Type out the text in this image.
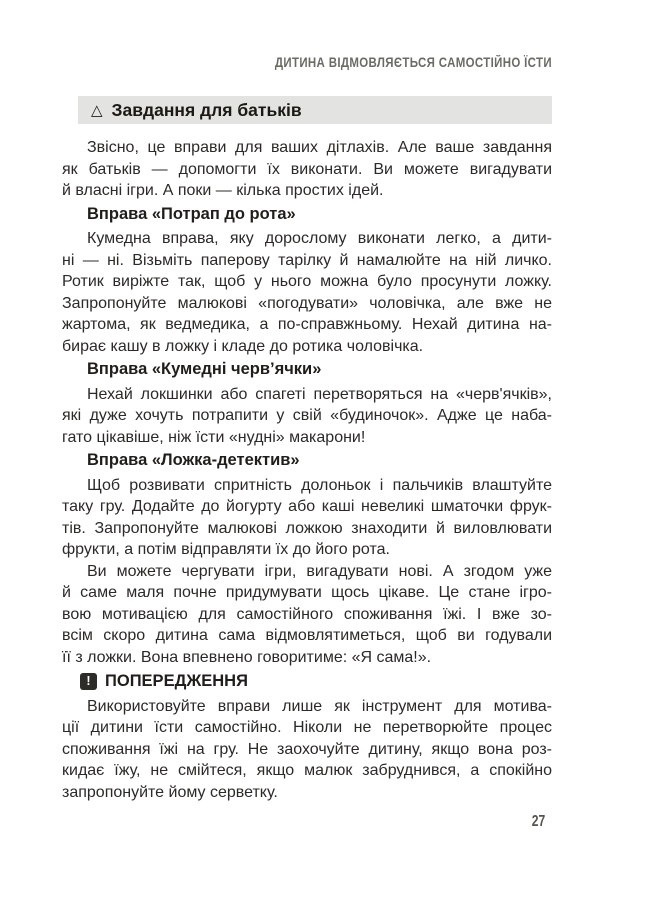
ДИТИНА ВІДМОВЛЯЄТЬСЯ САМОСТІЙНО ЇСТИ
△ Завдання для батьків
Звісно, це вправи для ваших дітлахів. Але ваше завдання
як батьків — допомогти їх виконати. Ви можете вигадувати
й власні ігри. А поки — кілька простих ідей.
Вправа «Потрап до рота»
Кумедна вправа, яку дорослому виконати легко, а дити-
ні — ні. Візьміть паперову тарілку й намалюйте на ній личко.
Ротик виріжте так, щоб у нього можна було просунути ложку.
Запропонуйте малюкові «погодувати» чоловічка, але вже не
жартома, як ведмедика, а по-справжньому. Нехай дитина на-
бирає кашу в ложку і кладе до ротика чоловічка.
Вправа «Кумедні черв’ячки»
Нехай локшинки або спагеті перетворяться на «черв'ячків»,
які дуже хочуть потрапити у свій «будиночок». Адже це наба-
гато цікавіше, ніж їсти «нудні» макарони!
Вправа «Ложка-детектив»
Щоб розвивати спритність долоньок і пальчиків влаштуйте
таку гру. Додайте до йогурту або каші невеликі шматочки фрук-
тів. Запропонуйте малюкові ложкою знаходити й виловлювати
фрукти, а потім відправляти їх до його рота.
Ви можете чергувати ігри, вигадувати нові. А згодом уже
й саме маля почне придумувати щось цікаве. Це стане ігро-
вою мотивацією для самостійного споживання їжі. І вже зо-
всім скоро дитина сама відмовлятиметься, щоб ви годували
її з ложки. Вона впевнено говоритиме: «Я сама!».
! ПОПЕРЕДЖЕННЯ
Використовуйте вправи лише як інструмент для мотива-
ції дитини їсти самостійно. Ніколи не перетворюйте процес
споживання їжі на гру. Не заохочуйте дитину, якщо вона роз-
кидає їжу, не смійтеся, якщо малюк забруднився, а спокійно
запропонуйте йому серветку.
27
